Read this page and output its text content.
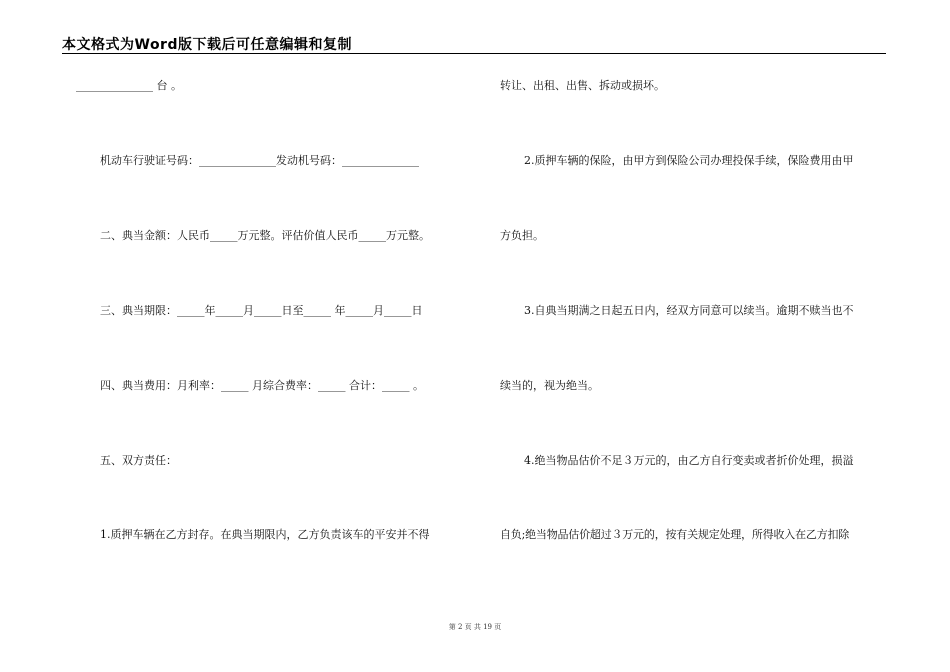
本文格式为Word版下载后可任意编辑和复制
______________ 台 。
机动车行驶证号码：______________发动机号码：______________
二、典当金额：人民币_____万元整。评估价值人民币_____万元整。
三、典当期限：_____年_____月_____日至_____ 年_____月_____日
四、典当费用：月利率：_____ 月综合费率：_____ 合计：_____ 。
五、双方责任：
1.质押车辆在乙方封存。在典当期限内，乙方负责该车的平安并不得
转让、出租、出售、拆动或损坏。
2.质押车辆的保险，由甲方到保险公司办理投保手续，保险费用由甲
方负担。
3.自典当期满之日起五日内，经双方同意可以续当。逾期不赎当也不
续当的，视为绝当。
4.绝当物品估价不足３万元的，由乙方自行变卖或者折价处理，损溢
自负;绝当物品估价超过３万元的，按有关规定处理，所得收入在乙方扣除
第 2 页 共 19 页
